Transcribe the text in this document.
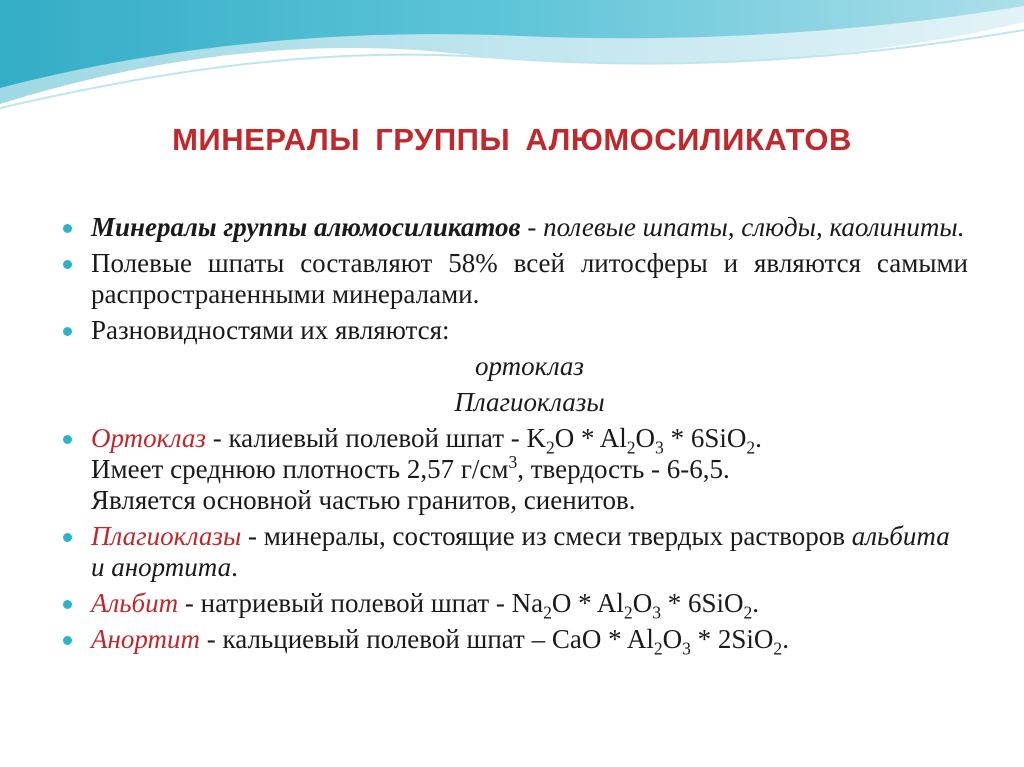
МИНЕРАЛЫ ГРУППЫ АЛЮМОСИЛИКАТОВ
Минералы группы алюмосиликатов - полевые шпаты, слюды, каолиниты.
Полевые шпаты составляют 58% всей литосферы и являются самыми распространенными минералами.
Разновидностями их являются:
ортоклаз
Плагиоклазы
Ортоклаз - калиевый полевой шпат - $K_2O * Al_2O_3 * 6SiO_2$.
Имеет среднюю плотность 2,57 $г/см^3$, твердость - 6-6,5.
Является основной частью гранитов, сиенитов.
Плагиоклазы - минералы, состоящие из смеси твердых растворов альбита и анортита.
Альбит - натриевый полевой шпат - $Na_2O * Al_2O_3 * 6SiO_2$.
Анортит - кальциевый полевой шпат – CaO * $Al_2O_3 * 2SiO_2$.
